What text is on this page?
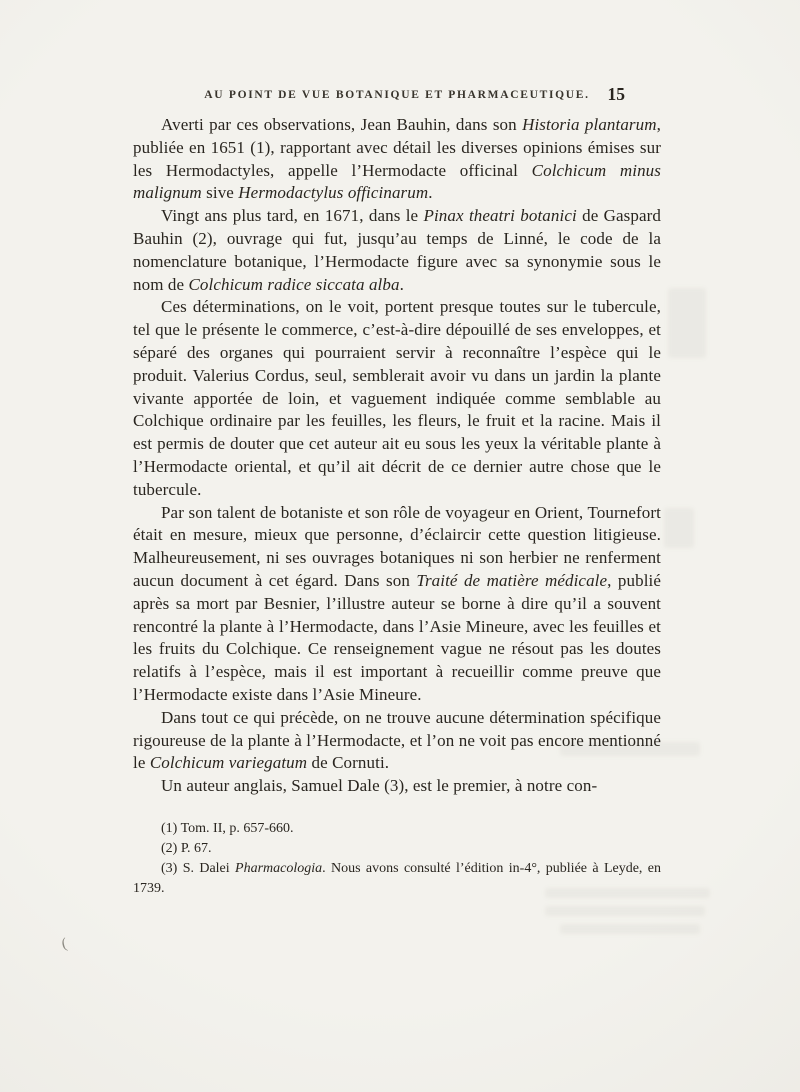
AU POINT DE VUE BOTANIQUE ET PHARMACEUTIQUE.	15

Averti par ces observations, Jean Bauhin, dans son Historia plantarum, publiée en 1651 (1), rapportant avec détail les diverses opinions émises sur les Hermodactyles, appelle l’Hermodacte officinal Colchicum minus malignum sive Hermodactylus officinarum.

Vingt ans plus tard, en 1671, dans le Pinax theatri botanici de Gaspard Bauhin (2), ouvrage qui fut, jusqu’au temps de Linné, le code de la nomenclature botanique, l’Hermodacte figure avec sa synonymie sous le nom de Colchicum radice siccata alba.

Ces déterminations, on le voit, portent presque toutes sur le tubercule, tel que le présente le commerce, c’est-à-dire dépouillé de ses enveloppes, et séparé des organes qui pourraient servir à reconnaître l’espèce qui le produit. Valerius Cordus, seul, semblerait avoir vu dans un jardin la plante vivante apportée de loin, et vaguement indiquée comme semblable au Colchique ordinaire par les feuilles, les fleurs, le fruit et la racine. Mais il est permis de douter que cet auteur ait eu sous les yeux la véritable plante à l’Hermodacte oriental, et qu’il ait décrit de ce dernier autre chose que le tubercule.

Par son talent de botaniste et son rôle de voyageur en Orient, Tournefort était en mesure, mieux que personne, d’éclaircir cette question litigieuse. Malheureusement, ni ses ouvrages botaniques ni son herbier ne renferment aucun document à cet égard. Dans son Traité de matière médicale, publié après sa mort par Besnier, l’illustre auteur se borne à dire qu’il a souvent rencontré la plante à l’Hermodacte, dans l’Asie Mineure, avec les feuilles et les fruits du Colchique. Ce renseignement vague ne résout pas les doutes relatifs à l’espèce, mais il est important à recueillir comme preuve que l’Hermodacte existe dans l’Asie Mineure.

Dans tout ce qui précède, on ne trouve aucune détermination spécifique rigoureuse de la plante à l’Hermodacte, et l’on ne voit pas encore mentionné le Colchicum variegatum de Cornuti.

Un auteur anglais, Samuel Dale (3), est le premier, à notre con-

(1) Tom. II, p. 657-660.

(2) P. 67.

(3) S. Dalei Pharmacologia. Nous avons consulté l’édition in-4°, publiée à Leyde, en 1739.

(
